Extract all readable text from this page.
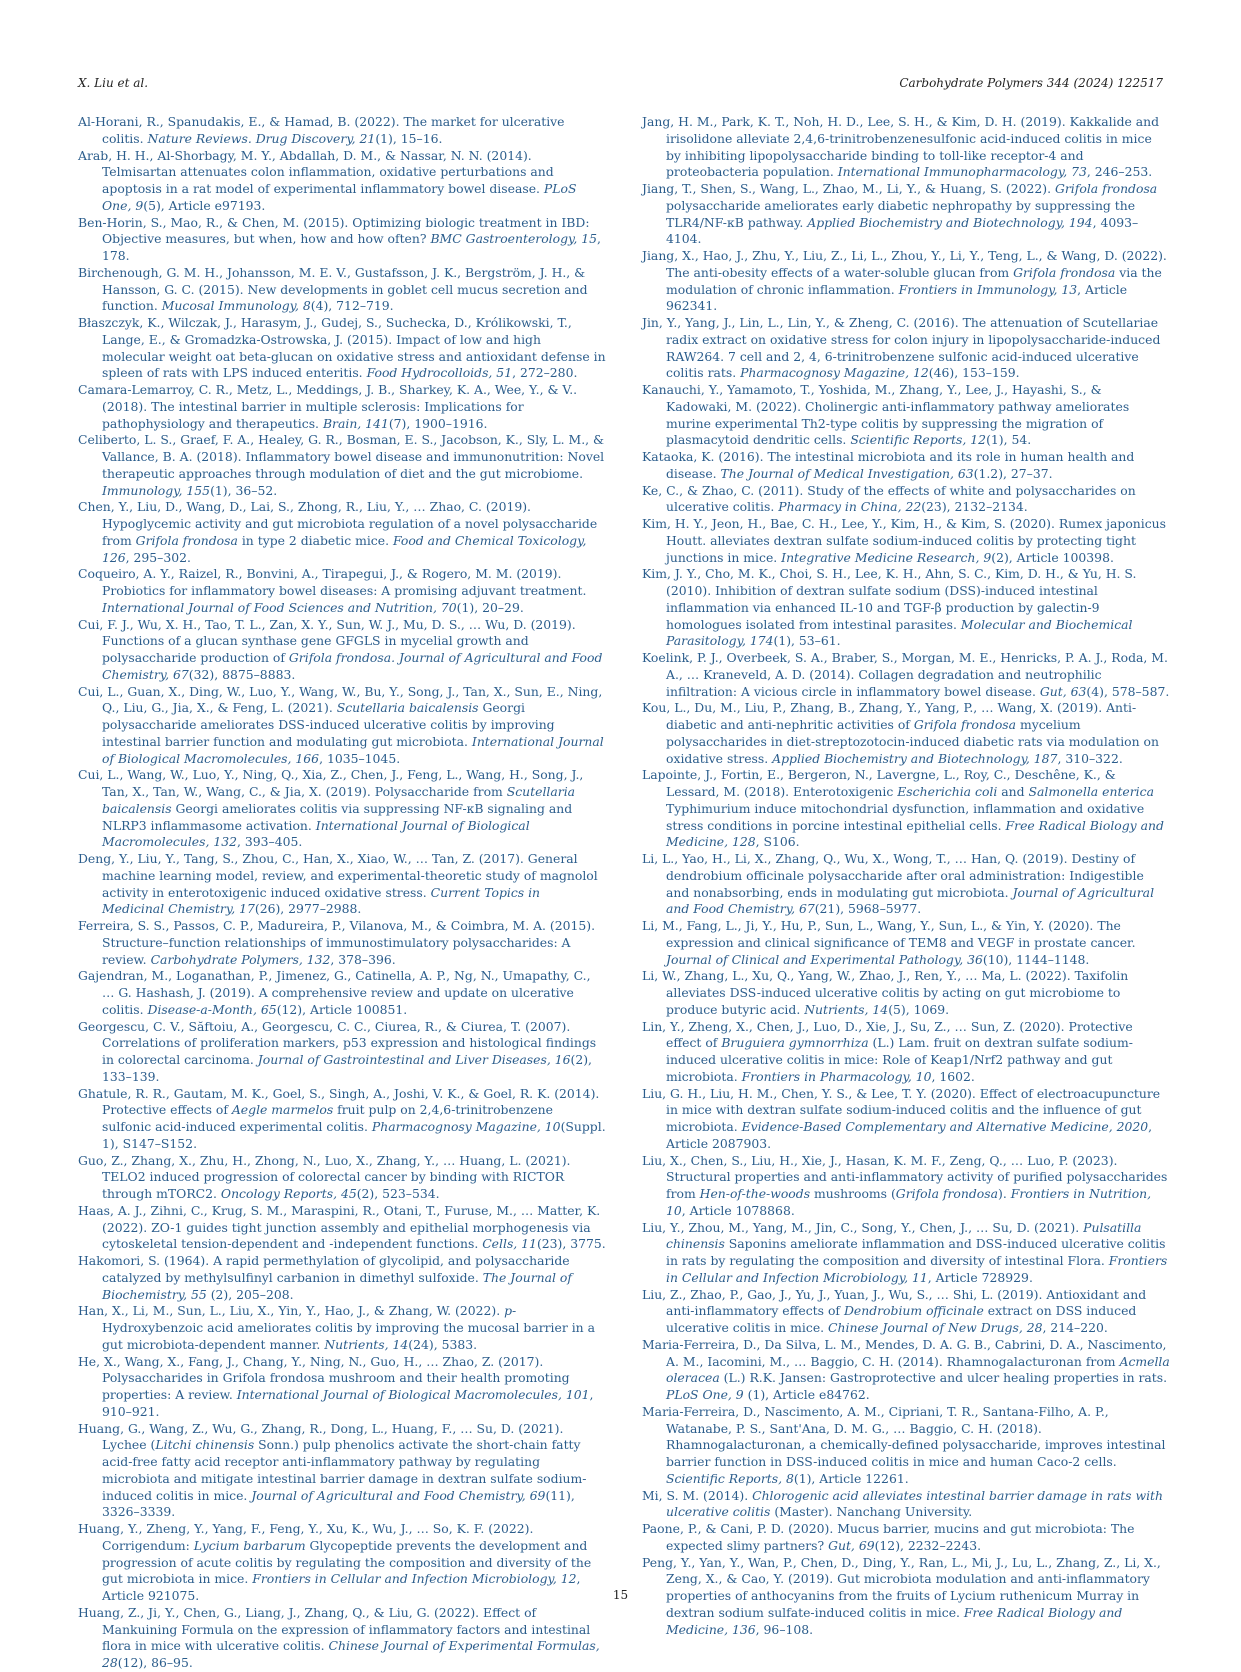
X. Liu et al.	Carbohydrate Polymers 344 (2024) 122517

Al-Horani, R., Spanudakis, E., & Hamad, B. (2022). The market for ulcerative colitis. Nature Reviews. Drug Discovery, 21(1), 15–16.

Arab, H. H., Al-Shorbagy, M. Y., Abdallah, D. M., & Nassar, N. N. (2014). Telmisartan attenuates colon inflammation, oxidative perturbations and apoptosis in a rat model of experimental inflammatory bowel disease. PLoS One, 9(5), Article e97193.

Ben-Horin, S., Mao, R., & Chen, M. (2015). Optimizing biologic treatment in IBD: Objective measures, but when, how and how often? BMC Gastroenterology, 15, 178.

Birchenough, G. M. H., Johansson, M. E. V., Gustafsson, J. K., Bergström, J. H., & Hansson, G. C. (2015). New developments in goblet cell mucus secretion and function. Mucosal Immunology, 8(4), 712–719.

Błaszczyk, K., Wilczak, J., Harasym, J., Gudej, S., Suchecka, D., Królikowski, T., Lange, E., & Gromadzka-Ostrowska, J. (2015). Impact of low and high molecular weight oat beta-glucan on oxidative stress and antioxidant defense in spleen of rats with LPS induced enteritis. Food Hydrocolloids, 51, 272–280.

Camara-Lemarroy, C. R., Metz, L., Meddings, J. B., Sharkey, K. A., Wee, Y., & V.. (2018). The intestinal barrier in multiple sclerosis: Implications for pathophysiology and therapeutics. Brain, 141(7), 1900–1916.

Celiberto, L. S., Graef, F. A., Healey, G. R., Bosman, E. S., Jacobson, K., Sly, L. M., & Vallance, B. A. (2018). Inflammatory bowel disease and immunonutrition: Novel therapeutic approaches through modulation of diet and the gut microbiome. Immunology, 155(1), 36–52.

Chen, Y., Liu, D., Wang, D., Lai, S., Zhong, R., Liu, Y., … Zhao, C. (2019). Hypoglycemic activity and gut microbiota regulation of a novel polysaccharide from Grifola frondosa in type 2 diabetic mice. Food and Chemical Toxicology, 126, 295–302.

Coqueiro, A. Y., Raizel, R., Bonvini, A., Tirapegui, J., & Rogero, M. M. (2019). Probiotics for inflammatory bowel diseases: A promising adjuvant treatment. International Journal of Food Sciences and Nutrition, 70(1), 20–29.

Cui, F. J., Wu, X. H., Tao, T. L., Zan, X. Y., Sun, W. J., Mu, D. S., … Wu, D. (2019). Functions of a glucan synthase gene GFGLS in mycelial growth and polysaccharide production of Grifola frondosa. Journal of Agricultural and Food Chemistry, 67(32), 8875–8883.

Cui, L., Guan, X., Ding, W., Luo, Y., Wang, W., Bu, Y., Song, J., Tan, X., Sun, E., Ning, Q., Liu, G., Jia, X., & Feng, L. (2021). Scutellaria baicalensis Georgi polysaccharide ameliorates DSS-induced ulcerative colitis by improving intestinal barrier function and modulating gut microbiota. International Journal of Biological Macromolecules, 166, 1035–1045.

Cui, L., Wang, W., Luo, Y., Ning, Q., Xia, Z., Chen, J., Feng, L., Wang, H., Song, J., Tan, X., Tan, W., Wang, C., & Jia, X. (2019). Polysaccharide from Scutellaria baicalensis Georgi ameliorates colitis via suppressing NF-κB signaling and NLRP3 inflammasome activation. International Journal of Biological Macromolecules, 132, 393–405.

Deng, Y., Liu, Y., Tang, S., Zhou, C., Han, X., Xiao, W., … Tan, Z. (2017). General machine learning model, review, and experimental-theoretic study of magnolol activity in enterotoxigenic induced oxidative stress. Current Topics in Medicinal Chemistry, 17(26), 2977–2988.

Ferreira, S. S., Passos, C. P., Madureira, P., Vilanova, M., & Coimbra, M. A. (2015). Structure–function relationships of immunostimulatory polysaccharides: A review. Carbohydrate Polymers, 132, 378–396.

Gajendran, M., Loganathan, P., Jimenez, G., Catinella, A. P., Ng, N., Umapathy, C., … G. Hashash, J. (2019). A comprehensive review and update on ulcerative colitis. Disease-a-Month, 65(12), Article 100851.

Georgescu, C. V., Săftoiu, A., Georgescu, C. C., Ciurea, R., & Ciurea, T. (2007). Correlations of proliferation markers, p53 expression and histological findings in colorectal carcinoma. Journal of Gastrointestinal and Liver Diseases, 16(2), 133–139.

Ghatule, R. R., Gautam, M. K., Goel, S., Singh, A., Joshi, V. K., & Goel, R. K. (2014). Protective effects of Aegle marmelos fruit pulp on 2,4,6-trinitrobenzene sulfonic acid-induced experimental colitis. Pharmacognosy Magazine, 10(Suppl. 1), S147–S152.

Guo, Z., Zhang, X., Zhu, H., Zhong, N., Luo, X., Zhang, Y., … Huang, L. (2021). TELO2 induced progression of colorectal cancer by binding with RICTOR through mTORC2. Oncology Reports, 45(2), 523–534.

Haas, A. J., Zihni, C., Krug, S. M., Maraspini, R., Otani, T., Furuse, M., … Matter, K. (2022). ZO-1 guides tight junction assembly and epithelial morphogenesis via cytoskeletal tension-dependent and -independent functions. Cells, 11(23), 3775.

Hakomori, S. (1964). A rapid permethylation of glycolipid, and polysaccharide catalyzed by methylsulfinyl carbanion in dimethyl sulfoxide. The Journal of Biochemistry, 55 (2), 205–208.

Han, X., Li, M., Sun, L., Liu, X., Yin, Y., Hao, J., & Zhang, W. (2022). p-Hydroxybenzoic acid ameliorates colitis by improving the mucosal barrier in a gut microbiota-dependent manner. Nutrients, 14(24), 5383.

He, X., Wang, X., Fang, J., Chang, Y., Ning, N., Guo, H., … Zhao, Z. (2017). Polysaccharides in Grifola frondosa mushroom and their health promoting properties: A review. International Journal of Biological Macromolecules, 101, 910–921.

Huang, G., Wang, Z., Wu, G., Zhang, R., Dong, L., Huang, F., … Su, D. (2021). Lychee (Litchi chinensis Sonn.) pulp phenolics activate the short-chain fatty acid-free fatty acid receptor anti-inflammatory pathway by regulating microbiota and mitigate intestinal barrier damage in dextran sulfate sodium-induced colitis in mice. Journal of Agricultural and Food Chemistry, 69(11), 3326–3339.

Huang, Y., Zheng, Y., Yang, F., Feng, Y., Xu, K., Wu, J., … So, K. F. (2022). Corrigendum: Lycium barbarum Glycopeptide prevents the development and progression of acute colitis by regulating the composition and diversity of the gut microbiota in mice. Frontiers in Cellular and Infection Microbiology, 12, Article 921075.

Huang, Z., Ji, Y., Chen, G., Liang, J., Zhang, Q., & Liu, G. (2022). Effect of Mankuining Formula on the expression of inflammatory factors and intestinal flora in mice with ulcerative colitis. Chinese Journal of Experimental Formulas, 28(12), 86–95.

Jang, H. M., Park, K. T., Noh, H. D., Lee, S. H., & Kim, D. H. (2019). Kakkalide and irisolidone alleviate 2,4,6-trinitrobenzenesulfonic acid-induced colitis in mice by inhibiting lipopolysaccharide binding to toll-like receptor-4 and proteobacteria population. International Immunopharmacology, 73, 246–253.

Jiang, T., Shen, S., Wang, L., Zhao, M., Li, Y., & Huang, S. (2022). Grifola frondosa polysaccharide ameliorates early diabetic nephropathy by suppressing the TLR4/NF-κB pathway. Applied Biochemistry and Biotechnology, 194, 4093–4104.

Jiang, X., Hao, J., Zhu, Y., Liu, Z., Li, L., Zhou, Y., Li, Y., Teng, L., & Wang, D. (2022). The anti-obesity effects of a water-soluble glucan from Grifola frondosa via the modulation of chronic inflammation. Frontiers in Immunology, 13, Article 962341.

Jin, Y., Yang, J., Lin, L., Lin, Y., & Zheng, C. (2016). The attenuation of Scutellariae radix extract on oxidative stress for colon injury in lipopolysaccharide-induced RAW264. 7 cell and 2, 4, 6-trinitrobenzene sulfonic acid-induced ulcerative colitis rats. Pharmacognosy Magazine, 12(46), 153–159.

Kanauchi, Y., Yamamoto, T., Yoshida, M., Zhang, Y., Lee, J., Hayashi, S., & Kadowaki, M. (2022). Cholinergic anti-inflammatory pathway ameliorates murine experimental Th2-type colitis by suppressing the migration of plasmacytoid dendritic cells. Scientific Reports, 12(1), 54.

Kataoka, K. (2016). The intestinal microbiota and its role in human health and disease. The Journal of Medical Investigation, 63(1.2), 27–37.

Ke, C., & Zhao, C. (2011). Study of the effects of white and polysaccharides on ulcerative colitis. Pharmacy in China, 22(23), 2132–2134.

Kim, H. Y., Jeon, H., Bae, C. H., Lee, Y., Kim, H., & Kim, S. (2020). Rumex japonicus Houtt. alleviates dextran sulfate sodium-induced colitis by protecting tight junctions in mice. Integrative Medicine Research, 9(2), Article 100398.

Kim, J. Y., Cho, M. K., Choi, S. H., Lee, K. H., Ahn, S. C., Kim, D. H., & Yu, H. S. (2010). Inhibition of dextran sulfate sodium (DSS)-induced intestinal inflammation via enhanced IL-10 and TGF-β production by galectin-9 homologues isolated from intestinal parasites. Molecular and Biochemical Parasitology, 174(1), 53–61.

Koelink, P. J., Overbeek, S. A., Braber, S., Morgan, M. E., Henricks, P. A. J., Roda, M. A., … Kraneveld, A. D. (2014). Collagen degradation and neutrophilic infiltration: A vicious circle in inflammatory bowel disease. Gut, 63(4), 578–587.

Kou, L., Du, M., Liu, P., Zhang, B., Zhang, Y., Yang, P., … Wang, X. (2019). Anti-diabetic and anti-nephritic activities of Grifola frondosa mycelium polysaccharides in diet-streptozotocin-induced diabetic rats via modulation on oxidative stress. Applied Biochemistry and Biotechnology, 187, 310–322.

Lapointe, J., Fortin, E., Bergeron, N., Lavergne, L., Roy, C., Deschêne, K., & Lessard, M. (2018). Enterotoxigenic Escherichia coli and Salmonella enterica Typhimurium induce mitochondrial dysfunction, inflammation and oxidative stress conditions in porcine intestinal epithelial cells. Free Radical Biology and Medicine, 128, S106.

Li, L., Yao, H., Li, X., Zhang, Q., Wu, X., Wong, T., … Han, Q. (2019). Destiny of dendrobium officinale polysaccharide after oral administration: Indigestible and nonabsorbing, ends in modulating gut microbiota. Journal of Agricultural and Food Chemistry, 67(21), 5968–5977.

Li, M., Fang, L., Ji, Y., Hu, P., Sun, L., Wang, Y., Sun, L., & Yin, Y. (2020). The expression and clinical significance of TEM8 and VEGF in prostate cancer. Journal of Clinical and Experimental Pathology, 36(10), 1144–1148.

Li, W., Zhang, L., Xu, Q., Yang, W., Zhao, J., Ren, Y., … Ma, L. (2022). Taxifolin alleviates DSS-induced ulcerative colitis by acting on gut microbiome to produce butyric acid. Nutrients, 14(5), 1069.

Lin, Y., Zheng, X., Chen, J., Luo, D., Xie, J., Su, Z., … Sun, Z. (2020). Protective effect of Bruguiera gymnorrhiza (L.) Lam. fruit on dextran sulfate sodium-induced ulcerative colitis in mice: Role of Keap1/Nrf2 pathway and gut microbiota. Frontiers in Pharmacology, 10, 1602.

Liu, G. H., Liu, H. M., Chen, Y. S., & Lee, T. Y. (2020). Effect of electroacupuncture in mice with dextran sulfate sodium-induced colitis and the influence of gut microbiota. Evidence-Based Complementary and Alternative Medicine, 2020, Article 2087903.

Liu, X., Chen, S., Liu, H., Xie, J., Hasan, K. M. F., Zeng, Q., … Luo, P. (2023). Structural properties and anti-inflammatory activity of purified polysaccharides from Hen-of-the-woods mushrooms (Grifola frondosa). Frontiers in Nutrition, 10, Article 1078868.

Liu, Y., Zhou, M., Yang, M., Jin, C., Song, Y., Chen, J., … Su, D. (2021). Pulsatilla chinensis Saponins ameliorate inflammation and DSS-induced ulcerative colitis in rats by regulating the composition and diversity of intestinal Flora. Frontiers in Cellular and Infection Microbiology, 11, Article 728929.

Liu, Z., Zhao, P., Gao, J., Yu, J., Yuan, J., Wu, S., … Shi, L. (2019). Antioxidant and anti-inflammatory effects of Dendrobium officinale extract on DSS induced ulcerative colitis in mice. Chinese Journal of New Drugs, 28, 214–220.

Maria-Ferreira, D., Da Silva, L. M., Mendes, D. A. G. B., Cabrini, D. A., Nascimento, A. M., Iacomini, M., … Baggio, C. H. (2014). Rhamnogalacturonan from Acmella oleracea (L.) R.K. Jansen: Gastroprotective and ulcer healing properties in rats. PLoS One, 9 (1), Article e84762.

Maria-Ferreira, D., Nascimento, A. M., Cipriani, T. R., Santana-Filho, A. P., Watanabe, P. S., Sant'Ana, D. M. G., … Baggio, C. H. (2018). Rhamnogalacturonan, a chemically-defined polysaccharide, improves intestinal barrier function in DSS-induced colitis in mice and human Caco-2 cells. Scientific Reports, 8(1), Article 12261.

Mi, S. M. (2014). Chlorogenic acid alleviates intestinal barrier damage in rats with ulcerative colitis (Master). Nanchang University.

Paone, P., & Cani, P. D. (2020). Mucus barrier, mucins and gut microbiota: The expected slimy partners? Gut, 69(12), 2232–2243.

Peng, Y., Yan, Y., Wan, P., Chen, D., Ding, Y., Ran, L., Mi, J., Lu, L., Zhang, Z., Li, X., Zeng, X., & Cao, Y. (2019). Gut microbiota modulation and anti-inflammatory properties of anthocyanins from the fruits of Lycium ruthenicum Murray in dextran sodium sulfate-induced colitis in mice. Free Radical Biology and Medicine, 136, 96–108.

15
